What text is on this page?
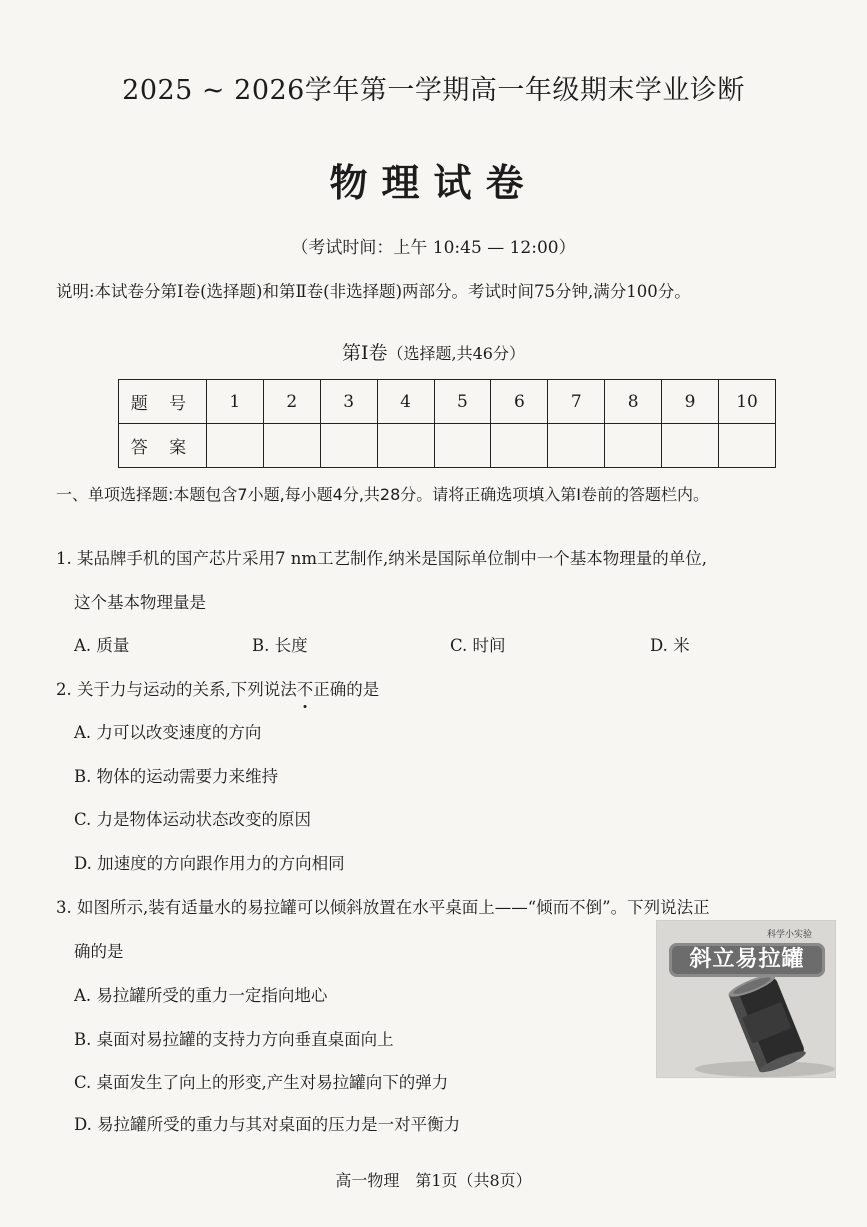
2025 ~ 2026学年第一学期高一年级期末学业诊断
物理试卷
（考试时间：上午 10:45 — 12:00）
说明:本试卷分第Ⅰ卷(选择题)和第Ⅱ卷(非选择题)两部分。考试时间75分钟,满分100分。
第Ⅰ卷（选择题,共46分）
题 号	1	2	3	4	5	6	7	8	9	10
答 案										
一、单项选择题:本题包含7小题,每小题4分,共28分。请将正确选项填入第Ⅰ卷前的答题栏内。
1. 某品牌手机的国产芯片采用7 nm工艺制作,纳米是国际单位制中一个基本物理量的单位,
这个基本物理量是
A. 质量	B. 长度	C. 时间	D. 米
2. 关于力与运动的关系,下列说法不正确的是
A. 力可以改变速度的方向
B. 物体的运动需要力来维持
C. 力是物体运动状态改变的原因
D. 加速度的方向跟作用力的方向相同
3. 如图所示,装有适量水的易拉罐可以倾斜放置在水平桌面上——“倾而不倒”。下列说法正
确的是
A. 易拉罐所受的重力一定指向地心
B. 桌面对易拉罐的支持力方向垂直桌面向上
C. 桌面发生了向上的形变,产生对易拉罐向下的弹力
D. 易拉罐所受的重力与其对桌面的压力是一对平衡力
科学小实验
斜立易拉罐
高一物理　第1页（共8页）
